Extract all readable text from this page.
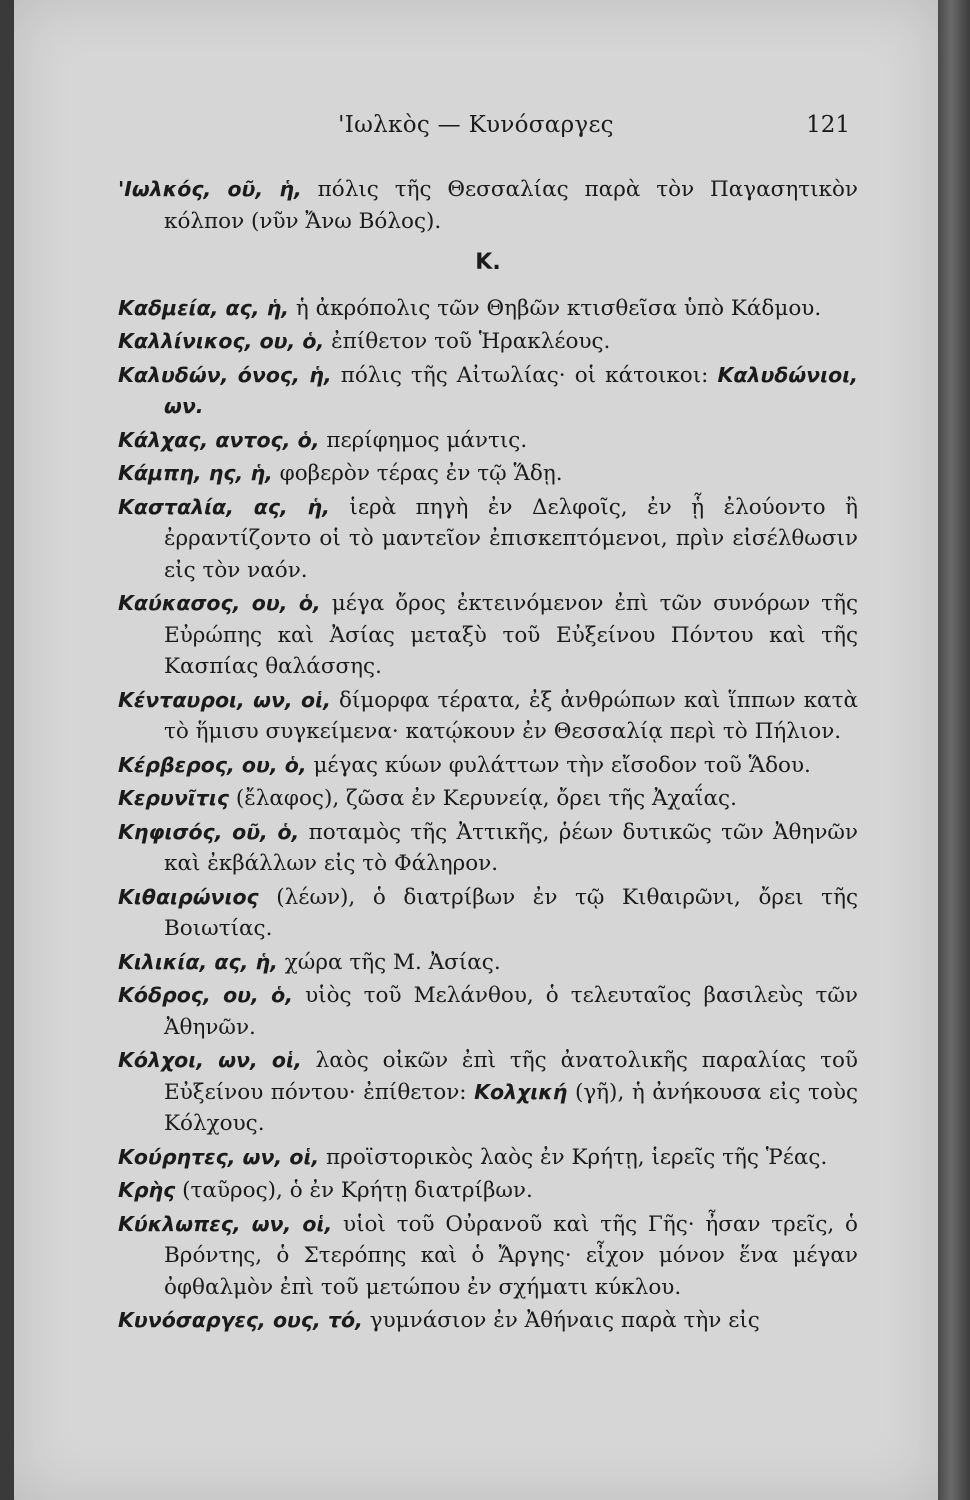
'Ιωλκὸς — Κυνόσαργες	121

'Ιωλκός, οῦ, ἡ, πόλις τῆς Θεσσαλίας παρὰ τὸν Παγασητικὸν κόλπον (νῦν Ἄνω Βόλος).

Κ.

Καδμεία, ας, ἡ, ἡ ἀκρόπολις τῶν Θηβῶν κτισθεῖσα ὑπὸ Κάδμου.

Καλλίνικος, ου, ὁ, ἐπίθετον τοῦ Ἡρακλέους.

Καλυδών, όνος, ἡ, πόλις τῆς Αἰτωλίας· οἱ κάτοικοι: Καλυδώνιοι, ων.

Κάλχας, αντος, ὁ, περίφημος μάντις.

Κάμπη, ης, ἡ, φοβερὸν τέρας ἐν τῷ Ἅδῃ.

Κασταλία, ας, ἡ, ἱερὰ πηγὴ ἐν Δελφοῖς, ἐν ᾗ ἐλούοντο ἢ ἐρραντίζοντο οἱ τὸ μαντεῖον ἐπισκεπτόμενοι, πρὶν εἰσέλθωσιν εἰς τὸν ναόν.

Καύκασος, ου, ὁ, μέγα ὄρος ἐκτεινόμενον ἐπὶ τῶν συνόρων τῆς Εὐρώπης καὶ Ἀσίας μεταξὺ τοῦ Εὐξείνου Πόντου καὶ τῆς Κασπίας θαλάσσης.

Κένταυροι, ων, οἱ, δίμορφα τέρατα, ἐξ ἀνθρώπων καὶ ἵππων κατὰ τὸ ἥμισυ συγκείμενα· κατῴκουν ἐν Θεσσαλίᾳ περὶ τὸ Πήλιον.

Κέρβερος, ου, ὁ, μέγας κύων φυλάττων τὴν εἴσοδον τοῦ Ἅδου.

Κερυνῖτις (ἔλαφος), ζῶσα ἐν Κερυνείᾳ, ὄρει τῆς Ἀχαΐας.

Κηφισός, οῦ, ὁ, ποταμὸς τῆς Ἀττικῆς, ῥέων δυτικῶς τῶν Ἀθηνῶν καὶ ἐκβάλλων εἰς τὸ Φάληρον.

Κιθαιρώνιος (λέων), ὁ διατρίβων ἐν τῷ Κιθαιρῶνι, ὄρει τῆς Βοιωτίας.

Κιλικία, ας, ἡ, χώρα τῆς Μ. Ἀσίας.

Κόδρος, ου, ὁ, υἱὸς τοῦ Μελάνθου, ὁ τελευταῖος βασιλεὺς τῶν Ἀθηνῶν.

Κόλχοι, ων, οἱ, λαὸς οἰκῶν ἐπὶ τῆς ἀνατολικῆς παραλίας τοῦ Εὐξείνου πόντου· ἐπίθετον: Κολχική (γῆ), ἡ ἀνήκουσα εἰς τοὺς Κόλχους.

Κούρητες, ων, οἱ, προϊστορικὸς λαὸς ἐν Κρήτῃ, ἱερεῖς τῆς Ῥέας.

Κρὴς (ταῦρος), ὁ ἐν Κρήτῃ διατρίβων.

Κύκλωπες, ων, οἱ, υἱοὶ τοῦ Οὐρανοῦ καὶ τῆς Γῆς· ἦσαν τρεῖς, ὁ Βρόντης, ὁ Στερόπης καὶ ὁ Ἄργης· εἶχον μόνον ἕνα μέγαν ὀφθαλμὸν ἐπὶ τοῦ μετώπου ἐν σχήματι κύκλου.

Κυνόσαργες, ους, τό, γυμνάσιον ἐν Ἀθήναις παρὰ τὴν εἰς
